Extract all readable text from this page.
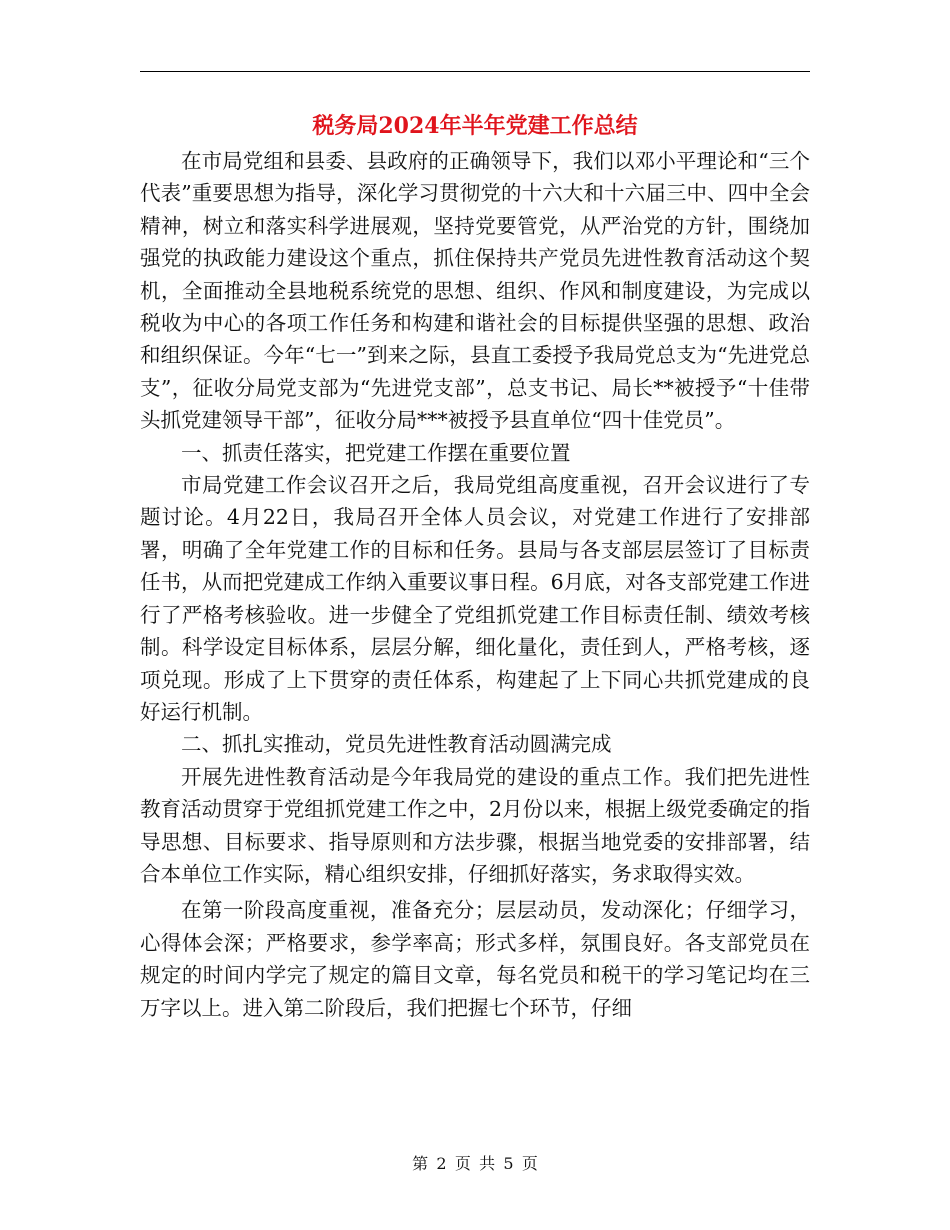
税务局2024年半年党建工作总结

在市局党组和县委、县政府的正确领导下，我们以邓小平理论和“三个代表”重要思想为指导，深化学习贯彻党的十六大和十六届三中、四中全会精神，树立和落实科学进展观，坚持党要管党，从严治党的方针，围绕加强党的执政能力建设这个重点，抓住保持共产党员先进性教育活动这个契机，全面推动全县地税系统党的思想、组织、作风和制度建设，为完成以税收为中心的各项工作任务和构建和谐社会的目标提供坚强的思想、政治和组织保证。今年“七一”到来之际，县直工委授予我局党总支为“先进党总支”，征收分局党支部为“先进党支部”，总支书记、局长**被授予“十佳带头抓党建领导干部”，征收分局***被授予县直单位“四十佳党员”。

一、抓责任落实，把党建工作摆在重要位置

市局党建工作会议召开之后，我局党组高度重视，召开会议进行了专题讨论。4月22日，我局召开全体人员会议，对党建工作进行了安排部署，明确了全年党建工作的目标和任务。县局与各支部层层签订了目标责任书，从而把党建成工作纳入重要议事日程。6月底，对各支部党建工作进行了严格考核验收。进一步健全了党组抓党建工作目标责任制、绩效考核制。科学设定目标体系，层层分解，细化量化，责任到人，严格考核，逐项兑现。形成了上下贯穿的责任体系，构建起了上下同心共抓党建成的良好运行机制。

二、抓扎实推动，党员先进性教育活动圆满完成

开展先进性教育活动是今年我局党的建设的重点工作。我们把先进性教育活动贯穿于党组抓党建工作之中，2月份以来，根据上级党委确定的指导思想、目标要求、指导原则和方法步骤，根据当地党委的安排部署，结合本单位工作实际，精心组织安排，仔细抓好落实，务求取得实效。

在第一阶段高度重视，准备充分；层层动员，发动深化；仔细学习，心得体会深；严格要求，参学率高；形式多样，氛围良好。各支部党员在规定的时间内学完了规定的篇目文章，每名党员和税干的学习笔记均在三万字以上。进入第二阶段后，我们把握七个环节，仔细

第 2 页 共 5 页
